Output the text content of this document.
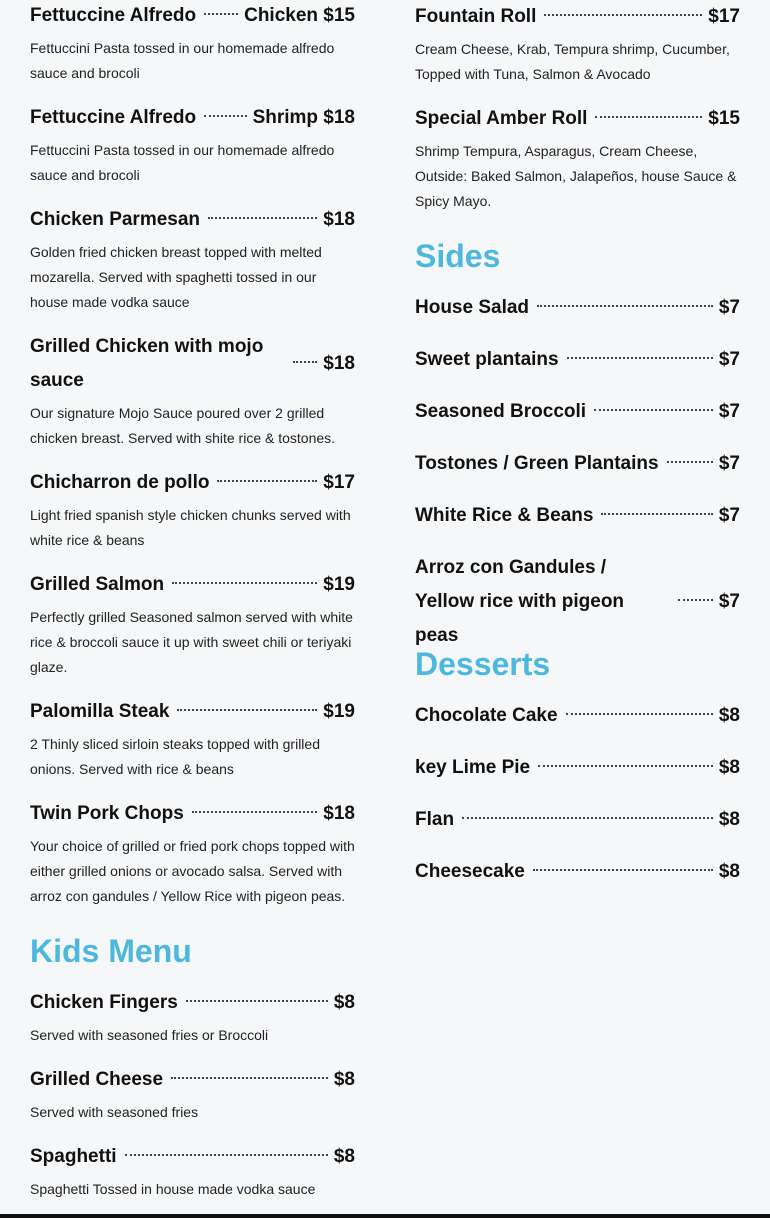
Fettuccine Alfredo	Chicken $15
Fettuccini Pasta tossed in our homemade alfredo sauce and brocoli
Fettuccine Alfredo	Shrimp $18
Fettuccini Pasta tossed in our homemade alfredo sauce and brocoli
Chicken Parmesan	$18
Golden fried chicken breast topped with melted mozarella. Served with spaghetti tossed in our house made vodka sauce
Grilled Chicken with mojo sauce
$18
Our signature Mojo Sauce poured over 2 grilled chicken breast. Served with shite rice & tostones.
Chicharron de pollo	$17
Light fried spanish style chicken chunks served with white rice & beans
Grilled Salmon	$19
Perfectly grilled Seasoned salmon served with white rice & broccoli sauce it up with sweet chili or teriyaki glaze.
Palomilla Steak	$19
2 Thinly sliced sirloin steaks topped with grilled onions. Served with rice & beans
Twin Pork Chops	$18
Your choice of grilled or fried pork chops topped with either grilled onions or avocado salsa. Served with arroz con gandules / Yellow Rice with pigeon peas.
Kids Menu
Chicken Fingers	$8
Served with seasoned fries or Broccoli
Grilled Cheese	$8
Served with seasoned fries
Spaghetti	$8
Spaghetti Tossed in house made vodka sauce
Fountain Roll	$17
Cream Cheese, Krab, Tempura shrimp, Cucumber, Topped with Tuna, Salmon & Avocado
Special Amber Roll	$15
Shrimp Tempura, Asparagus, Cream Cheese, Outside: Baked Salmon, Jalapeños, house Sauce & Spicy Mayo.
Sides
House Salad	$7
Sweet plantains	$7
Seasoned Broccoli	$7
Tostones / Green Plantains	$7
White Rice & Beans	$7
Arroz con Gandules / Yellow rice with pigeon peas
$7
Desserts
Chocolate Cake	$8
key Lime Pie	$8
Flan	$8
Cheesecake	$8
